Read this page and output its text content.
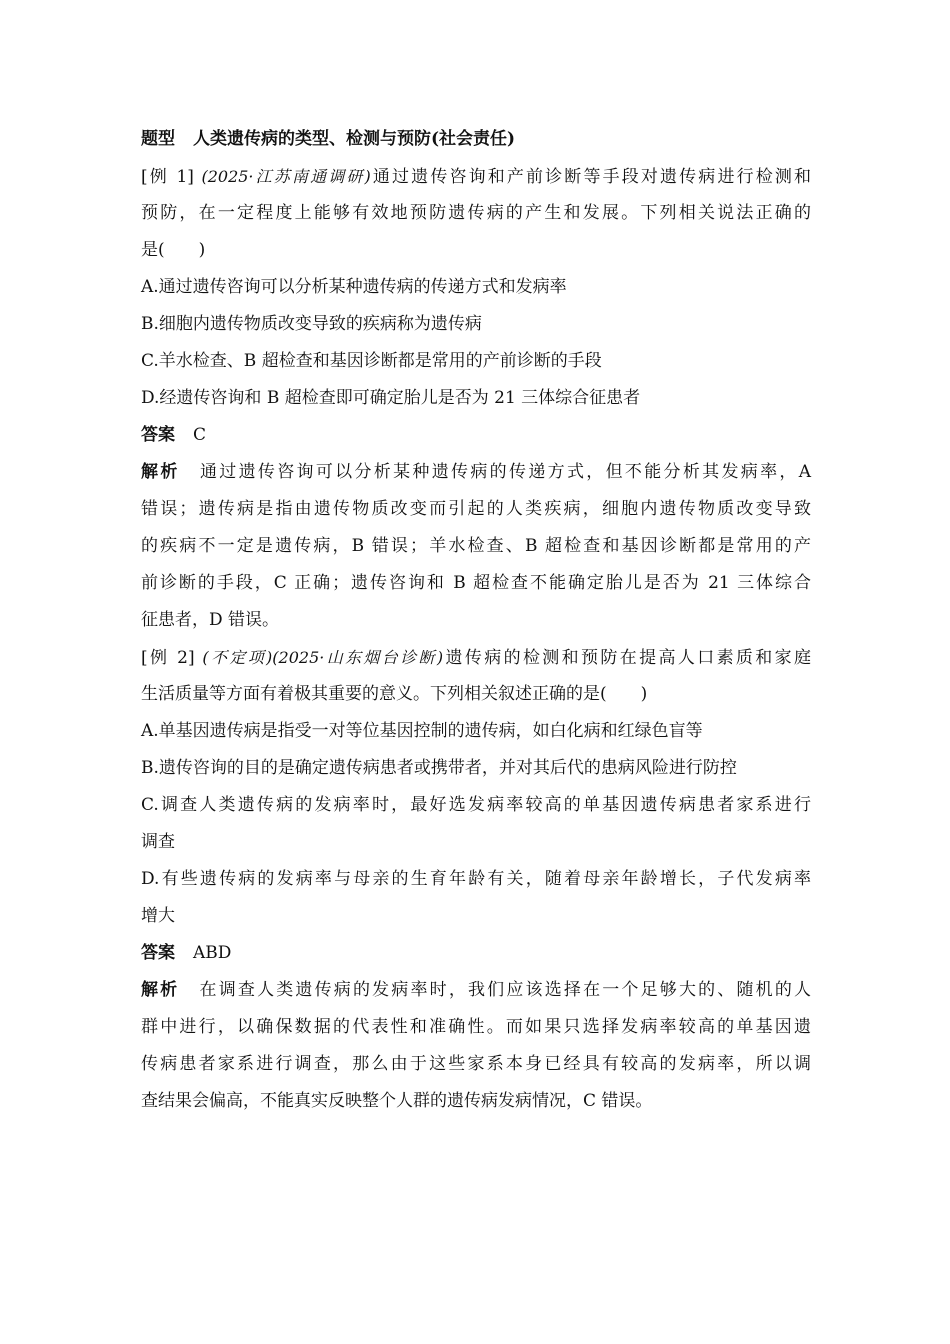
题型 人类遗传病的类型、检测与预防(社会责任)
[例 1] (2025·江苏南通调研)通过遗传咨询和产前诊断等手段对遗传病进行检测和
预防，在一定程度上能够有效地预防遗传病的产生和发展。下列相关说法正确的
是(　　)
A.通过遗传咨询可以分析某种遗传病的传递方式和发病率
B.细胞内遗传物质改变导致的疾病称为遗传病
C.羊水检查、B 超检查和基因诊断都是常用的产前诊断的手段
D.经遗传咨询和 B 超检查即可确定胎儿是否为 21 三体综合征患者
答案 C
解析 通过遗传咨询可以分析某种遗传病的传递方式，但不能分析其发病率，A
错误；遗传病是指由遗传物质改变而引起的人类疾病，细胞内遗传物质改变导致
的疾病不一定是遗传病，B 错误；羊水检查、B 超检查和基因诊断都是常用的产
前诊断的手段，C 正确；遗传咨询和 B 超检查不能确定胎儿是否为 21 三体综合
征患者，D 错误。
[例 2] (不定项)(2025·山东烟台诊断)遗传病的检测和预防在提高人口素质和家庭
生活质量等方面有着极其重要的意义。下列相关叙述正确的是(　　)
A.单基因遗传病是指受一对等位基因控制的遗传病，如白化病和红绿色盲等
B.遗传咨询的目的是确定遗传病患者或携带者，并对其后代的患病风险进行防控
C.调查人类遗传病的发病率时，最好选发病率较高的单基因遗传病患者家系进行
调查
D.有些遗传病的发病率与母亲的生育年龄有关，随着母亲年龄增长，子代发病率
增大
答案 ABD
解析 在调查人类遗传病的发病率时，我们应该选择在一个足够大的、随机的人
群中进行，以确保数据的代表性和准确性。而如果只选择发病率较高的单基因遗
传病患者家系进行调查，那么由于这些家系本身已经具有较高的发病率，所以调
查结果会偏高，不能真实反映整个人群的遗传病发病情况，C 错误。
